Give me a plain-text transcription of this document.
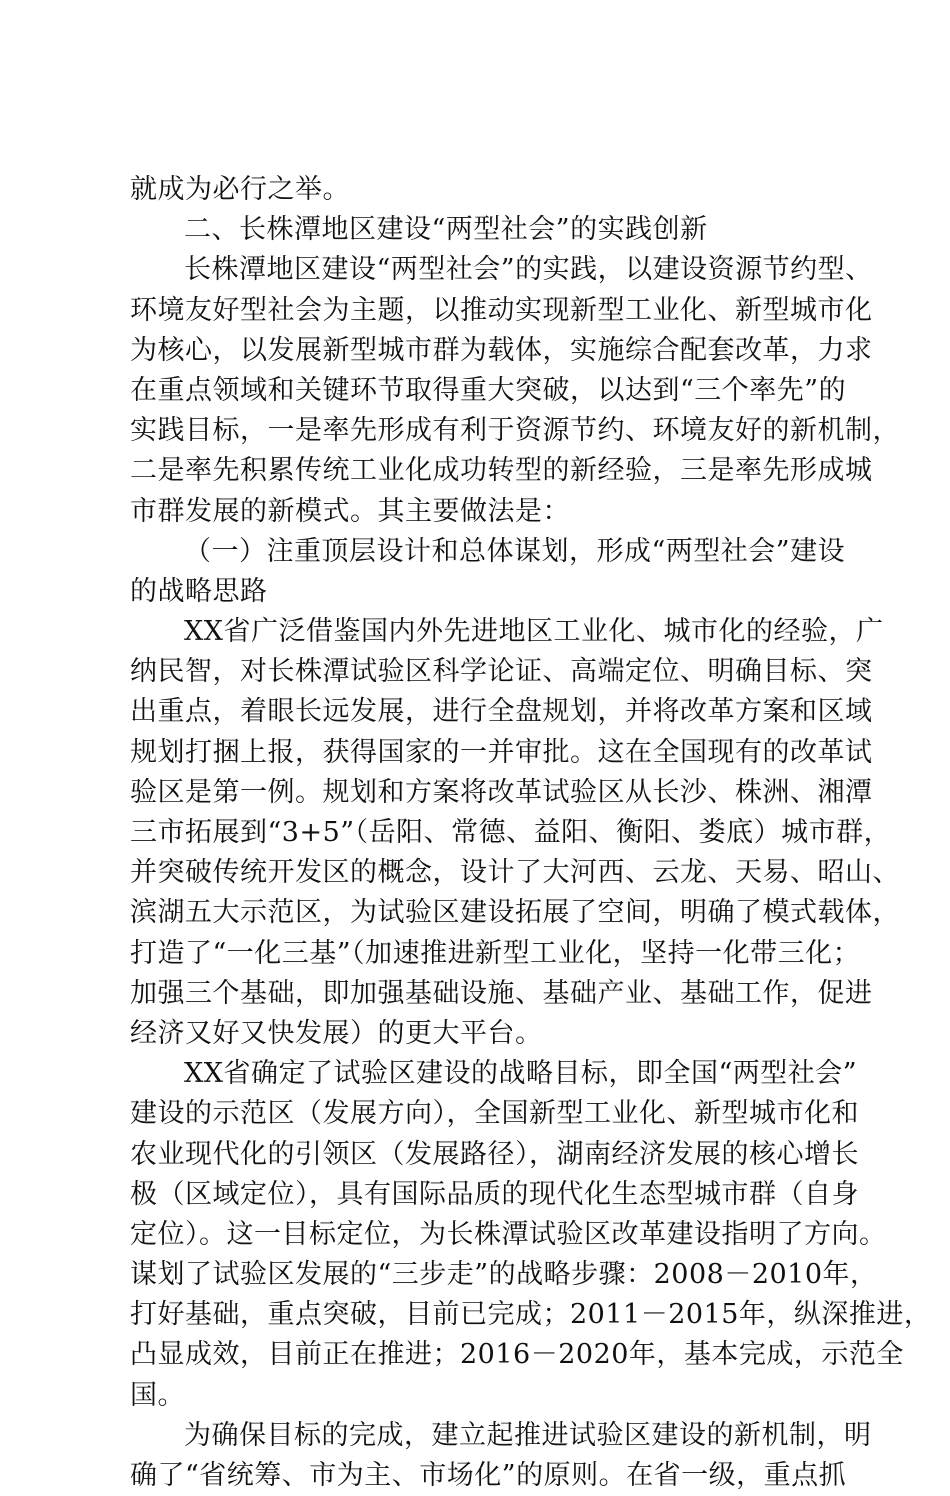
就成为必行之举。
二、长株潭地区建设“两型社会”的实践创新
长株潭地区建设“两型社会”的实践，以建设资源节约型、
环境友好型社会为主题，以推动实现新型工业化、新型城市化
为核心，以发展新型城市群为载体，实施综合配套改革，力求
在重点领域和关键环节取得重大突破，以达到“三个率先”的
实践目标，一是率先形成有利于资源节约、环境友好的新机制，
二是率先积累传统工业化成功转型的新经验，三是率先形成城
市群发展的新模式。其主要做法是：
（一）注重顶层设计和总体谋划，形成“两型社会”建设
的战略思路
XX省广泛借鉴国内外先进地区工业化、城市化的经验，广
纳民智，对长株潭试验区科学论证、高端定位、明确目标、突
出重点，着眼长远发展，进行全盘规划，并将改革方案和区域
规划打捆上报，获得国家的一并审批。这在全国现有的改革试
验区是第一例。规划和方案将改革试验区从长沙、株洲、湘潭
三市拓展到“3+5”（岳阳、常德、益阳、衡阳、娄底）城市群，
并突破传统开发区的概念，设计了大河西、云龙、天易、昭山、
滨湖五大示范区，为试验区建设拓展了空间，明确了模式载体，
打造了“一化三基”（加速推进新型工业化，坚持一化带三化；
加强三个基础，即加强基础设施、基础产业、基础工作，促进
经济又好又快发展）的更大平台。
XX省确定了试验区建设的战略目标，即全国“两型社会”
建设的示范区（发展方向），全国新型工业化、新型城市化和
农业现代化的引领区（发展路径），湖南经济发展的核心增长
极（区域定位），具有国际品质的现代化生态型城市群（自身
定位）。这一目标定位，为长株潭试验区改革建设指明了方向。
谋划了试验区发展的“三步走”的战略步骤：2008－2010年，
打好基础，重点突破，目前已完成；2011－2015年，纵深推进，
凸显成效，目前正在推进；2016－2020年，基本完成，示范全
国。
为确保目标的完成，建立起推进试验区建设的新机制，明
确了“省统筹、市为主、市场化”的原则。在省一级，重点抓
